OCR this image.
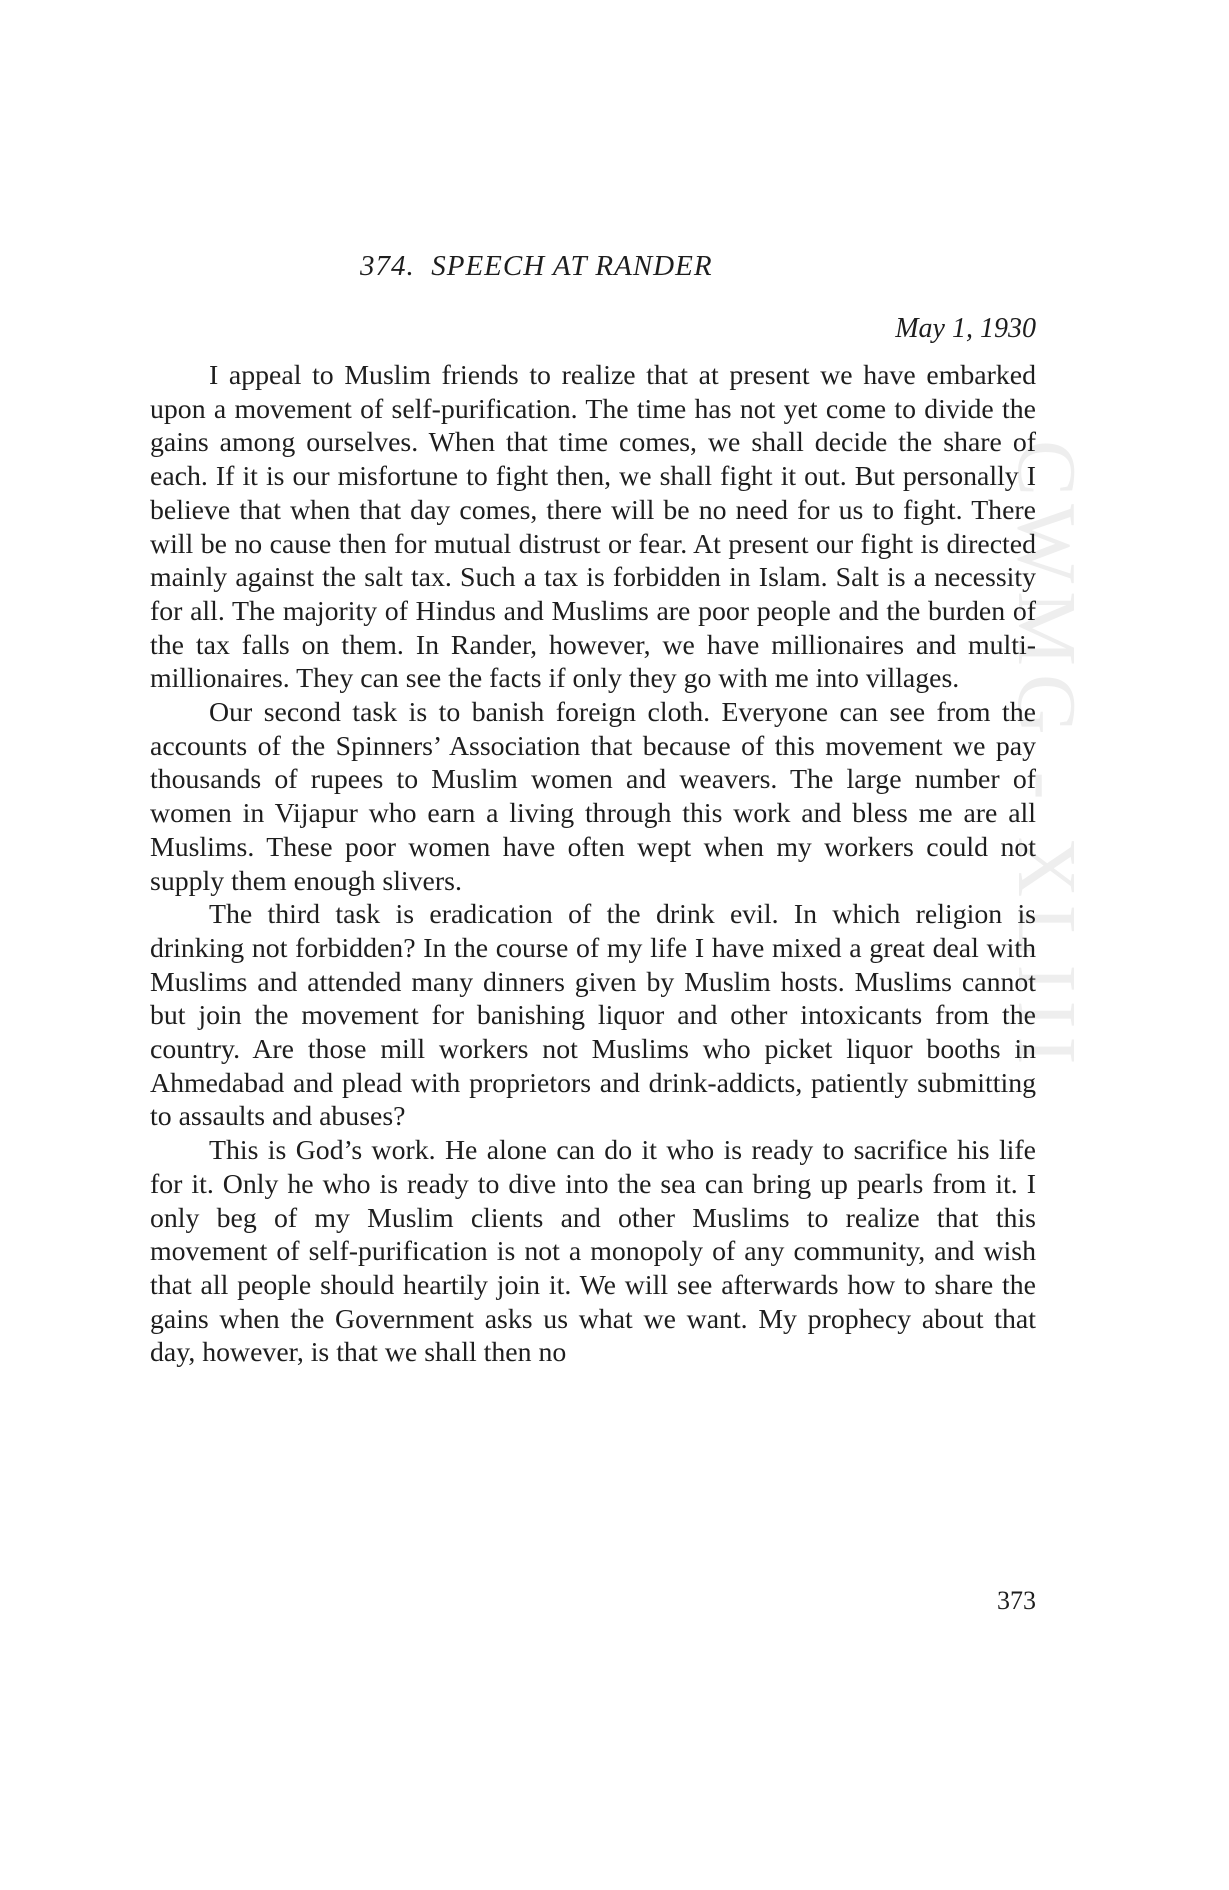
CWMG - XLIII
374. SPEECH AT RANDER
May 1, 1930

I appeal to Muslim friends to realize that at present we have embarked upon a movement of self-purification. The time has not yet come to divide the gains among ourselves. When that time comes, we shall decide the share of each. If it is our misfortune to fight then, we shall fight it out. But personally I believe that when that day comes, there will be no need for us to fight. There will be no cause then for mutual distrust or fear. At present our fight is directed mainly against the salt tax. Such a tax is forbidden in Islam. Salt is a necessity for all. The majority of Hindus and Muslims are poor people and the burden of the tax falls on them. In Rander, however, we have millionaires and multi-millionaires. They can see the facts if only they go with me into villages.

Our second task is to banish foreign cloth. Everyone can see from the accounts of the Spinners’ Association that because of this movement we pay thousands of rupees to Muslim women and weavers. The large number of women in Vijapur who earn a living through this work and bless me are all Muslims. These poor women have often wept when my workers could not supply them enough slivers.

The third task is eradication of the drink evil. In which religion is drinking not forbidden? In the course of my life I have mixed a great deal with Muslims and attended many dinners given by Muslim hosts. Muslims cannot but join the movement for banishing liquor and other intoxicants from the country. Are those mill workers not Muslims who picket liquor booths in Ahmedabad and plead with proprietors and drink-addicts, patiently submitting to assaults and abuses?

This is God’s work. He alone can do it who is ready to sacrifice his life for it. Only he who is ready to dive into the sea can bring up pearls from it. I only beg of my Muslim clients and other Muslims to realize that this movement of self-purification is not a monopoly of any community, and wish that all people should heartily join it. We will see afterwards how to share the gains when the Government asks us what we want. My prophecy about that day, however, is that we shall then no

373
